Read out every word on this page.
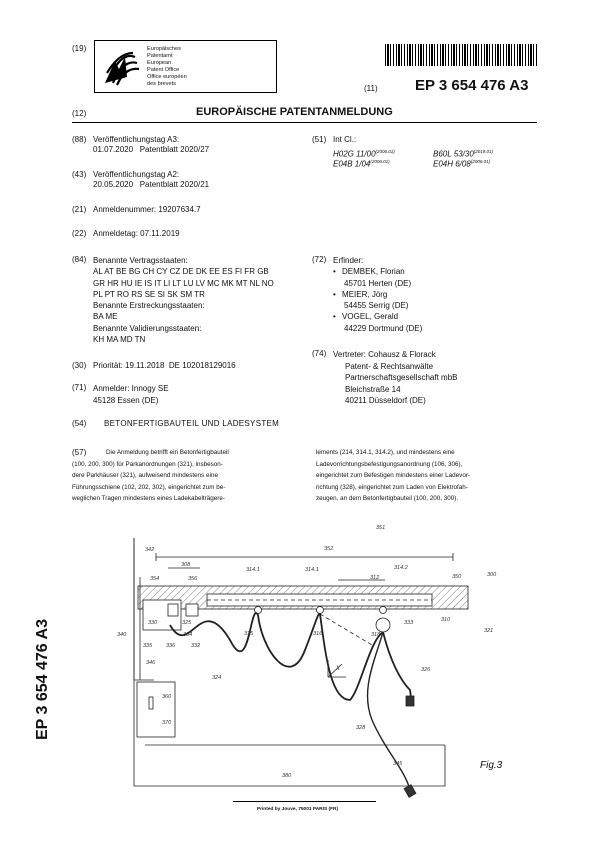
(19)	Europäisches
Patentamt
European
Patent Office
Office européen
des brevets
(11) EP 3 654 476 A3
(12)	EUROPÄISCHE PATENTANMELDUNG
(88) Veröffentlichungstag A3:
01.07.2020   Patentblatt 2020/27
(43) Veröffentlichungstag A2:
20.05.2020   Patentblatt 2020/21
(21) Anmeldenummer: 19207634.7
(22) Anmeldetag: 07.11.2019
(84) Benannte Vertragsstaaten:
AL AT BE BG CH CY CZ DE DK EE ES FI FR GB
GR HR HU IE IS IT LI LT LU LV MC MK MT NL NO
PL PT RO RS SE SI SK SM TR
Benannte Erstreckungsstaaten:
BA ME
Benannte Validierungsstaaten:
KH MA MD TN
(30) Priorität: 19.11.2018  DE 102018129016
(71) Anmelder: Innogy SE
45128 Essen (DE)
(51) Int Cl.:
H02G $11/00^{(2006.01)}$	B60L $53/30^{(2019.01)}$
E04B $1/04^{(2006.01)}$	E04H $6/08^{(2006.01)}$
(72) Erfinder:
• DEMBEK, Florian
45701 Herten (DE)
• MEIER, Jörg
54455 Serrig (DE)
• VOGEL, Gerald
44229 Dortmund (DE)
(74) Vertreter: Cohausz & Florack
Patent- & Rechtsanwälte
Partnerschaftsgesellschaft mbB
Bleichstraße 14
40211 Düsseldorf (DE)
(54) BETONFERTIGBAUTEIL UND LADESYSTEM
(57)	Die Anmeldung betrifft ein Betonfertigbauteil

(100, 200, 300) für Parkanordnungen (321), insbeson-

dere Parkhäuser (321), aufweisend mindestens eine

Führungsschiene (102, 202, 302), eingerichtet zum be-

weglichen Tragen mindestens eines Ladekabelträgere-

lements (214, 314.1, 314.2), und mindestens eine

Ladevorrichtungsbefestigungsanordnung (106, 306),

eingerichtet zum Befestigen mindestens einer Ladevor-

richtung (328), eingerichtet zum Laden von Elektrofah-

zeugen, an dem Betonfertigbauteil (100, 200, 300).

351
352
342
308
314.1	314.1
312
314.2
350	300
310
321
354	356
330
340
335	336	332
325
334	315	316	318
333
326
324
328
346
360
370
x
380
345	Fig.3
EP 3 654 476 A3
Printed by Jouve, 75001 PARIS (FR)
